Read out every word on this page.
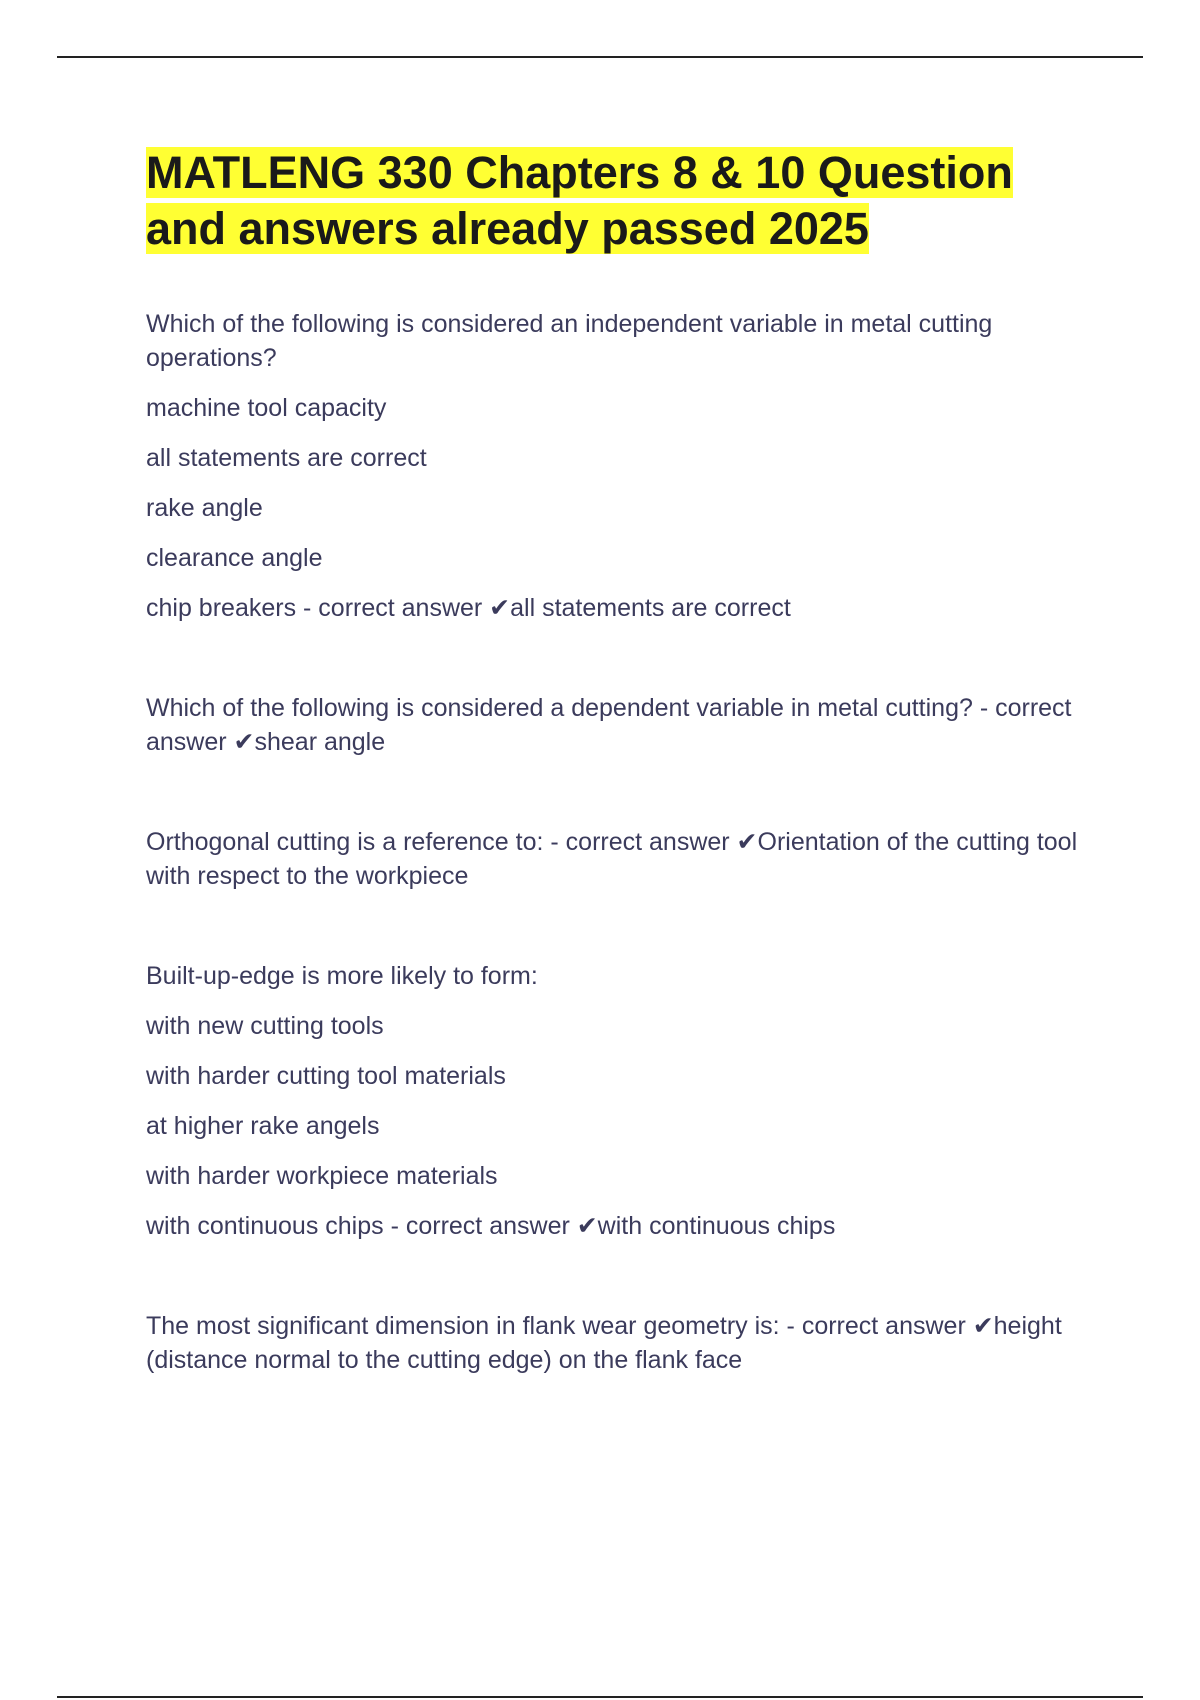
MATLENG 330 Chapters 8 & 10 Question and answers already passed 2025

Which of the following is considered an independent variable in metal cutting operations?

machine tool capacity

all statements are correct

rake angle

clearance angle

chip breakers - correct answer ✔all statements are correct

Which of the following is considered a dependent variable in metal cutting? - correct answer ✔shear angle

Orthogonal cutting is a reference to: - correct answer ✔Orientation of the cutting tool with respect to the workpiece

Built-up-edge is more likely to form:

with new cutting tools

with harder cutting tool materials

at higher rake angels

with harder workpiece materials

with continuous chips - correct answer ✔with continuous chips

The most significant dimension in flank wear geometry is: - correct answer ✔height (distance normal to the cutting edge) on the flank face
